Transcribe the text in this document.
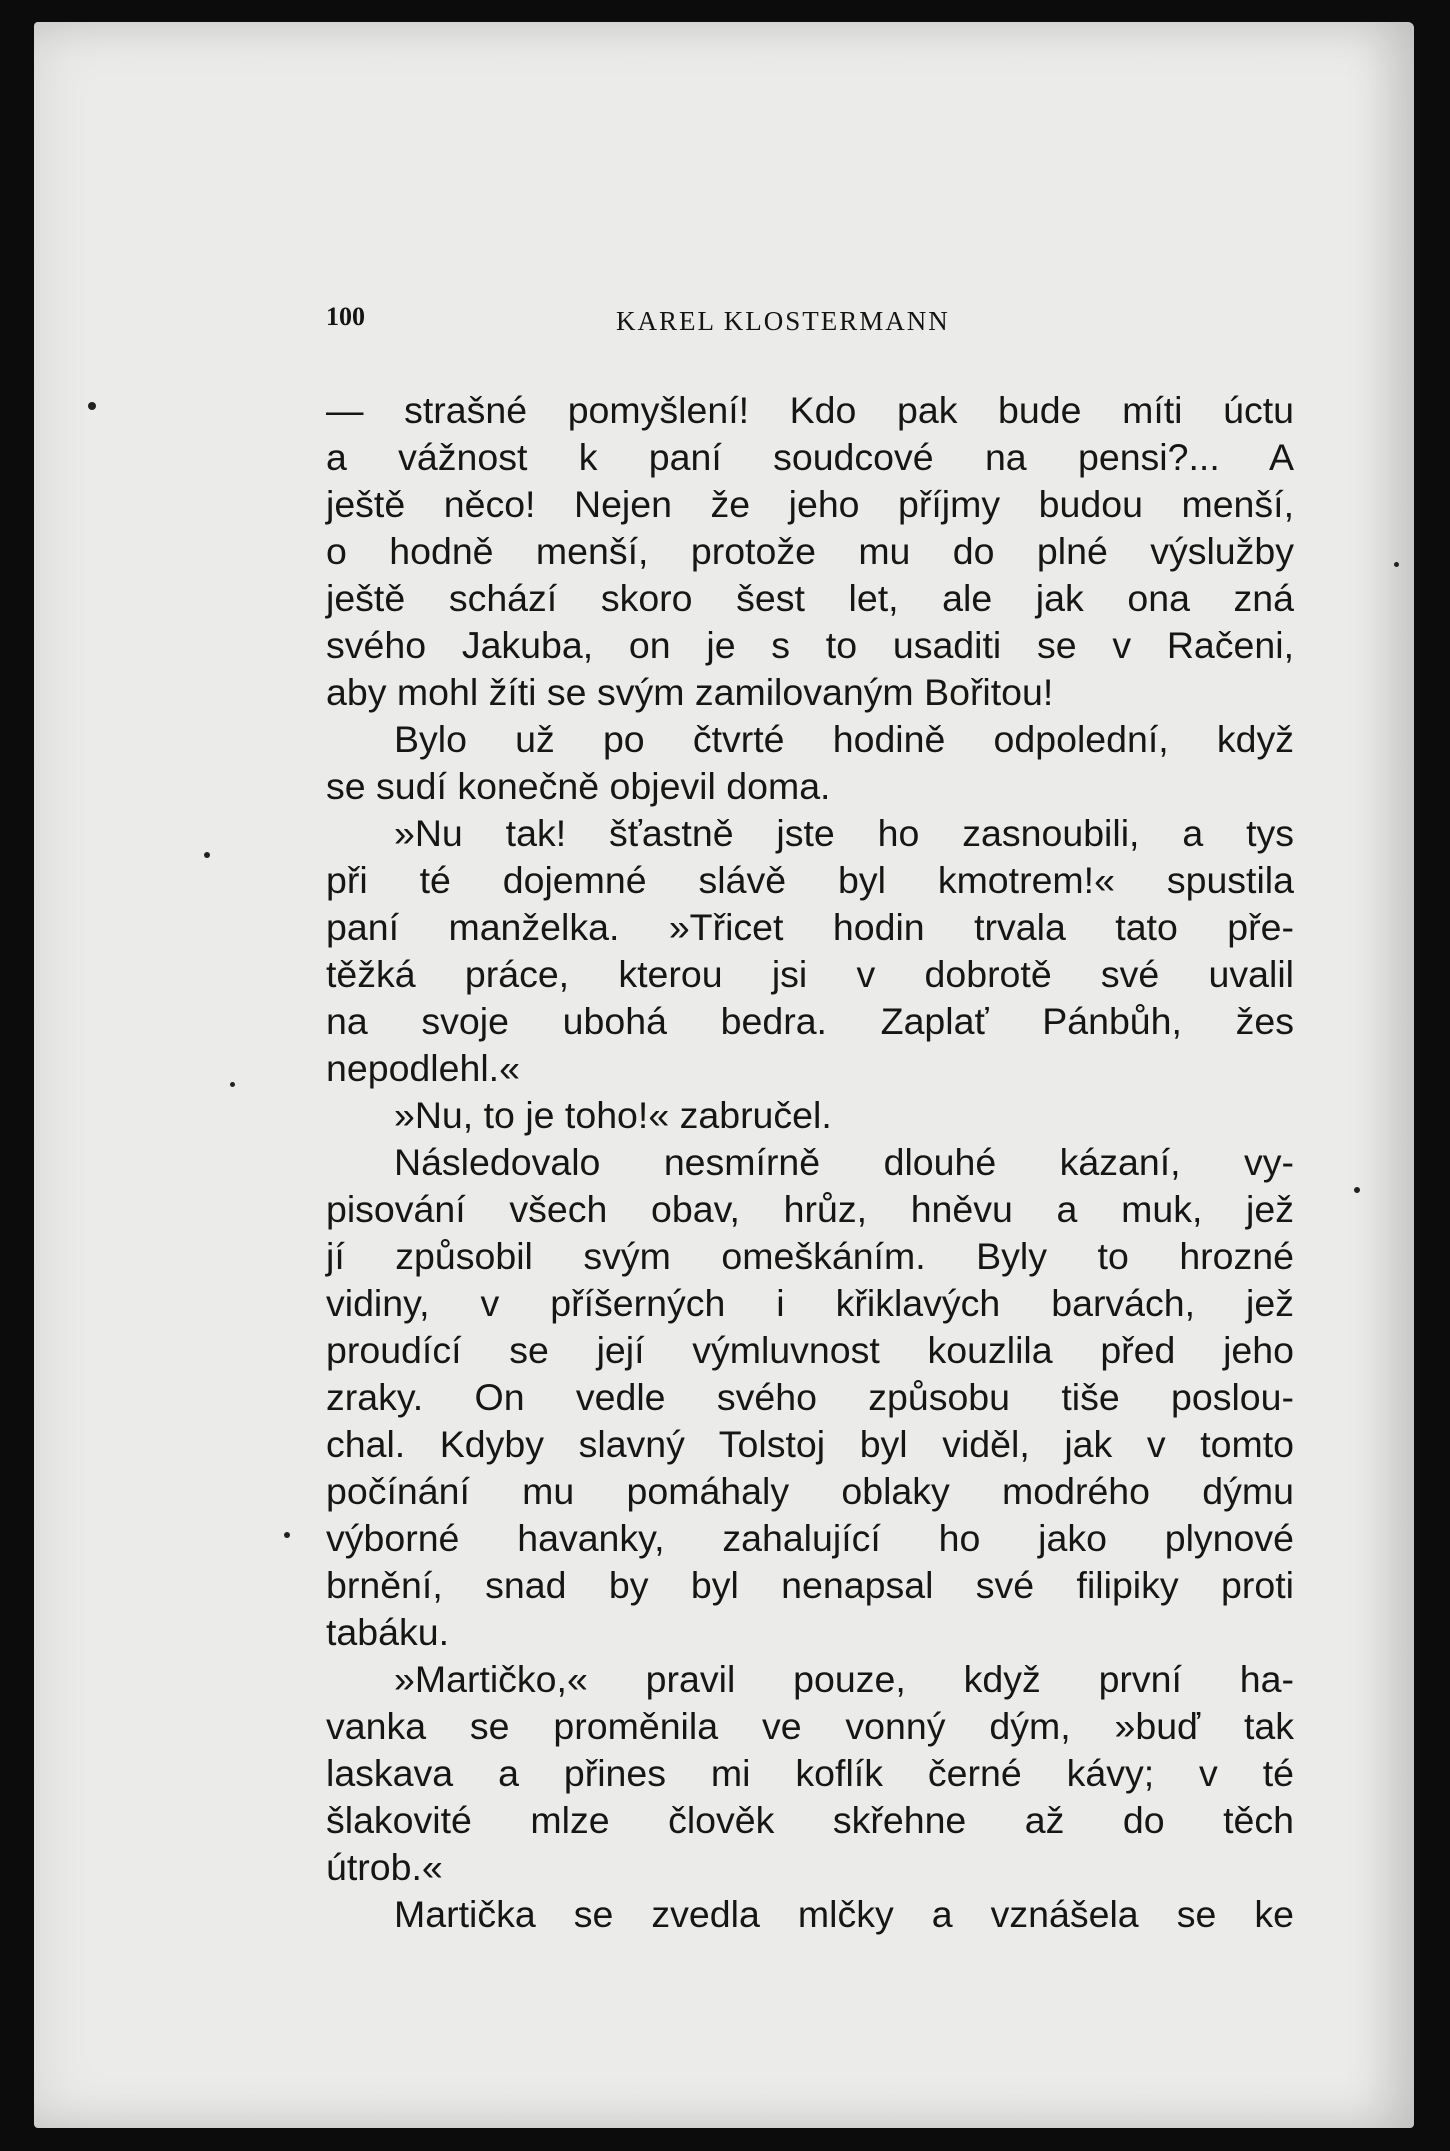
100	KAREL KLOSTERMANN
— strašné pomyšlení! Kdo pak bude míti úctu
a vážnost k paní soudcové na pensi?... A
ještě něco! Nejen že jeho příjmy budou menší,
o hodně menší, protože mu do plné výslužby
ještě schází skoro šest let, ale jak ona zná
svého Jakuba, on je s to usaditi se v Račeni,
aby mohl žíti se svým zamilovaným Bořitou!
Bylo už po čtvrté hodině odpolední, když
se sudí konečně objevil doma.
»Nu tak! šťastně jste ho zasnoubili, a tys
při té dojemné slávě byl kmotrem!« spustila
paní manželka. »Třicet hodin trvala tato pře-
těžká práce, kterou jsi v dobrotě své uvalil
na svoje ubohá bedra. Zaplať Pánbůh, žes
nepodlehl.«
»Nu, to je toho!« zabručel.
Následovalo nesmírně dlouhé kázaní, vy-
pisování všech obav, hrůz, hněvu a muk, jež
jí způsobil svým omeškáním. Byly to hrozné
vidiny, v příšerných i křiklavých barvách, jež
proudící se její výmluvnost kouzlila před jeho
zraky. On vedle svého způsobu tiše poslou-
chal. Kdyby slavný Tolstoj byl viděl, jak v tomto
počínání mu pomáhaly oblaky modrého dýmu
výborné havanky, zahalující ho jako plynové
brnění, snad by byl nenapsal své filipiky proti
tabáku.
»Martičko,« pravil pouze, když první ha-
vanka se proměnila ve vonný dým, »buď tak
laskava a přines mi koflík černé kávy; v té
šlakovité mlze člověk skřehne až do těch
útrob.«
Martička se zvedla mlčky a vznášela se ke
